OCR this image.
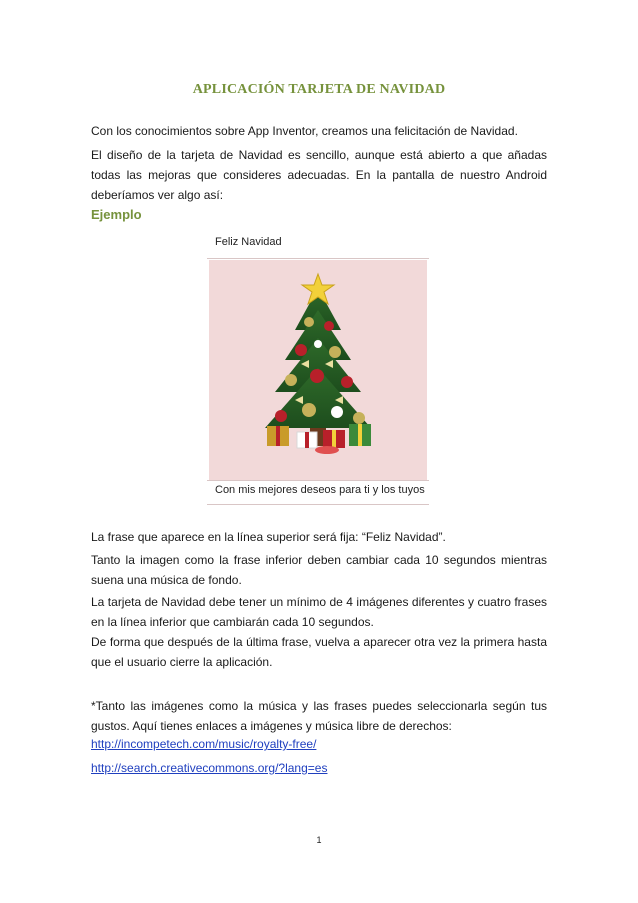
APLICACIÓN TARJETA DE NAVIDAD
Con los conocimientos sobre App Inventor, creamos una felicitación de Navidad.
El diseño de la tarjeta de Navidad es sencillo, aunque está abierto a que añadas todas las mejoras que consideres adecuadas. En la pantalla de nuestro Android deberíamos ver algo así:
Ejemplo
Feliz Navidad
Con mis mejores deseos para ti y los tuyos
La frase que aparece en la línea superior será fija: “Feliz Navidad”.
Tanto la imagen como la frase inferior deben cambiar cada 10 segundos mientras suena una música de fondo.
La tarjeta de Navidad debe tener un mínimo de 4 imágenes diferentes y cuatro frases en la línea inferior que cambiarán cada 10 segundos.
De forma que después de la última frase, vuelva a aparecer otra vez la primera hasta que el usuario cierre la aplicación.
*Tanto las imágenes como la música y las frases puedes seleccionarla según tus gustos. Aquí tienes enlaces a imágenes y música libre de derechos:
http://incompetech.com/music/royalty-free/
http://search.creativecommons.org/?lang=es
1
